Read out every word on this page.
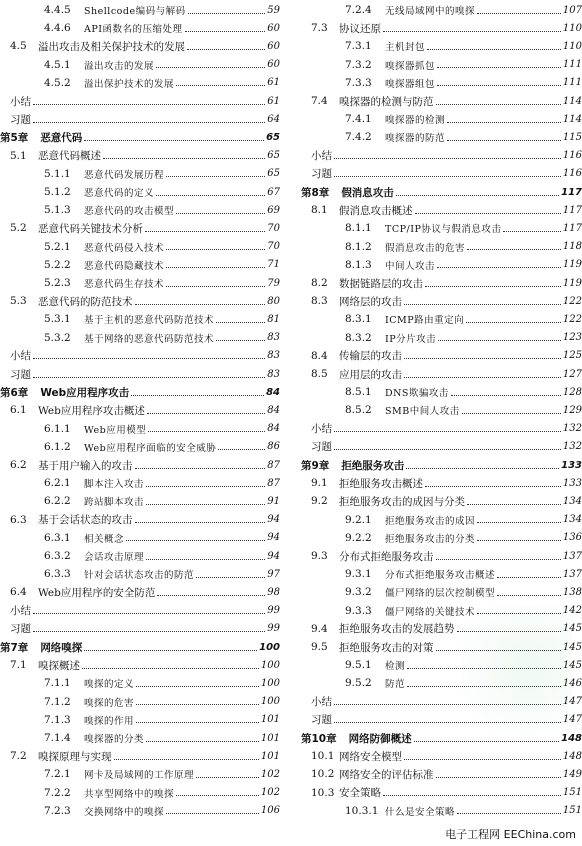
4.4.5	Shellcode编码与解码	59
4.4.6	API函数名的压缩处理	60
4.5	溢出攻击及相关保护技术的发展	60
4.5.1	溢出攻击的发展	60
4.5.2	溢出保护技术的发展	61
小结	61
习题	64
第5章 恶意代码	65
5.1	恶意代码概述	65
5.1.1	恶意代码发展历程	65
5.1.2	恶意代码的定义	67
5.1.3	恶意代码的攻击模型	69
5.2	恶意代码关键技术分析	70
5.2.1	恶意代码侵入技术	70
5.2.2	恶意代码隐藏技术	71
5.2.3	恶意代码生存技术	79
5.3	恶意代码的防范技术	80
5.3.1	基于主机的恶意代码防范技术	81
5.3.2	基于网络的恶意代码防范技术	83
小结	83
习题	83
第6章 Web应用程序攻击	84
6.1	Web应用程序攻击概述	84
6.1.1	Web应用模型	84
6.1.2	Web应用程序面临的安全威胁	86
6.2	基于用户输入的攻击	87
6.2.1	脚本注入攻击	87
6.2.2	跨站脚本攻击	91
6.3	基于会话状态的攻击	94
6.3.1	相关概念	94
6.3.2	会话攻击原理	94
6.3.3	针对会话状态攻击的防范	97
6.4	Web应用程序的安全防范	98
小结	99
习题	99
第7章 网络嗅探	100
7.1	嗅探概述	100
7.1.1	嗅探的定义	100
7.1.2	嗅探的危害	100
7.1.3	嗅探的作用	101
7.1.4	嗅探器的分类	101
7.2	嗅探原理与实现	101
7.2.1	网卡及局域网的工作原理	102
7.2.2	共享型网络中的嗅探	102
7.2.3	交换网络中的嗅探	106
7.2.4	无线局域网中的嗅探	107
7.3	协议还原	110
7.3.1	主机封包	110
7.3.2	嗅探器抓包	111
7.3.3	嗅探器组包	111
7.4	嗅探器的检测与防范	114
7.4.1	嗅探器的检测	114
7.4.2	嗅探器的防范	115
小结	116
习题	116
第8章 假消息攻击	117
8.1	假消息攻击概述	117
8.1.1	TCP/IP协议与假消息攻击	117
8.1.2	假消息攻击的危害	118
8.1.3	中间人攻击	119
8.2	数据链路层的攻击	119
8.3	网络层的攻击	122
8.3.1	ICMP路由重定向	122
8.3.2	IP分片攻击	123
8.4	传输层的攻击	125
8.5	应用层的攻击	127
8.5.1	DNS欺骗攻击	128
8.5.2	SMB中间人攻击	129
小结	132
习题	132
第9章 拒绝服务攻击	133
9.1	拒绝服务攻击概述	133
9.2	拒绝服务攻击的成因与分类	134
9.2.1	拒绝服务攻击的成因	134
9.2.2	拒绝服务攻击的分类	136
9.3	分布式拒绝服务攻击	137
9.3.1	分布式拒绝服务攻击概述	137
9.3.2	僵尸网络的层次控制模型	138
9.3.3	僵尸网络的关键技术	142
9.4	拒绝服务攻击的发展趋势	145
9.5	拒绝服务攻击的对策	145
9.5.1	检测	145
9.5.2	防范	146
小结	147
习题	147
第10章 网络防御概述	148
10.1 网络安全模型	148
10.2 网络安全的评估标准	149
10.3 安全策略	151
10.3.1 什么是安全策略	151
电子工程网 EEChina.com
